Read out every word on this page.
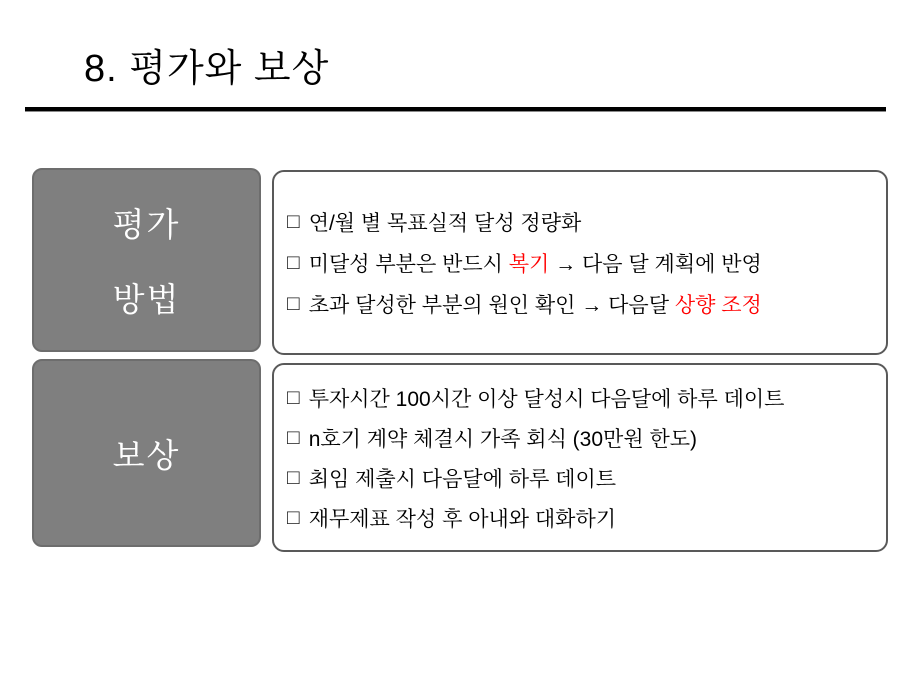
8. 평가와 보상
평가
방법
□ 연/월 별 목표실적 달성 정량화
□ 미달성 부분은 반드시 복기 → 다음 달 계획에 반영
□ 초과 달성한 부분의 원인 확인 → 다음달 상향 조정
보상
□ 투자시간 100시간 이상 달성시 다음달에 하루 데이트
□ n호기 계약 체결시 가족 회식 (30만원 한도)
□ 최임 제출시 다음달에 하루 데이트
□ 재무제표 작성 후 아내와 대화하기
